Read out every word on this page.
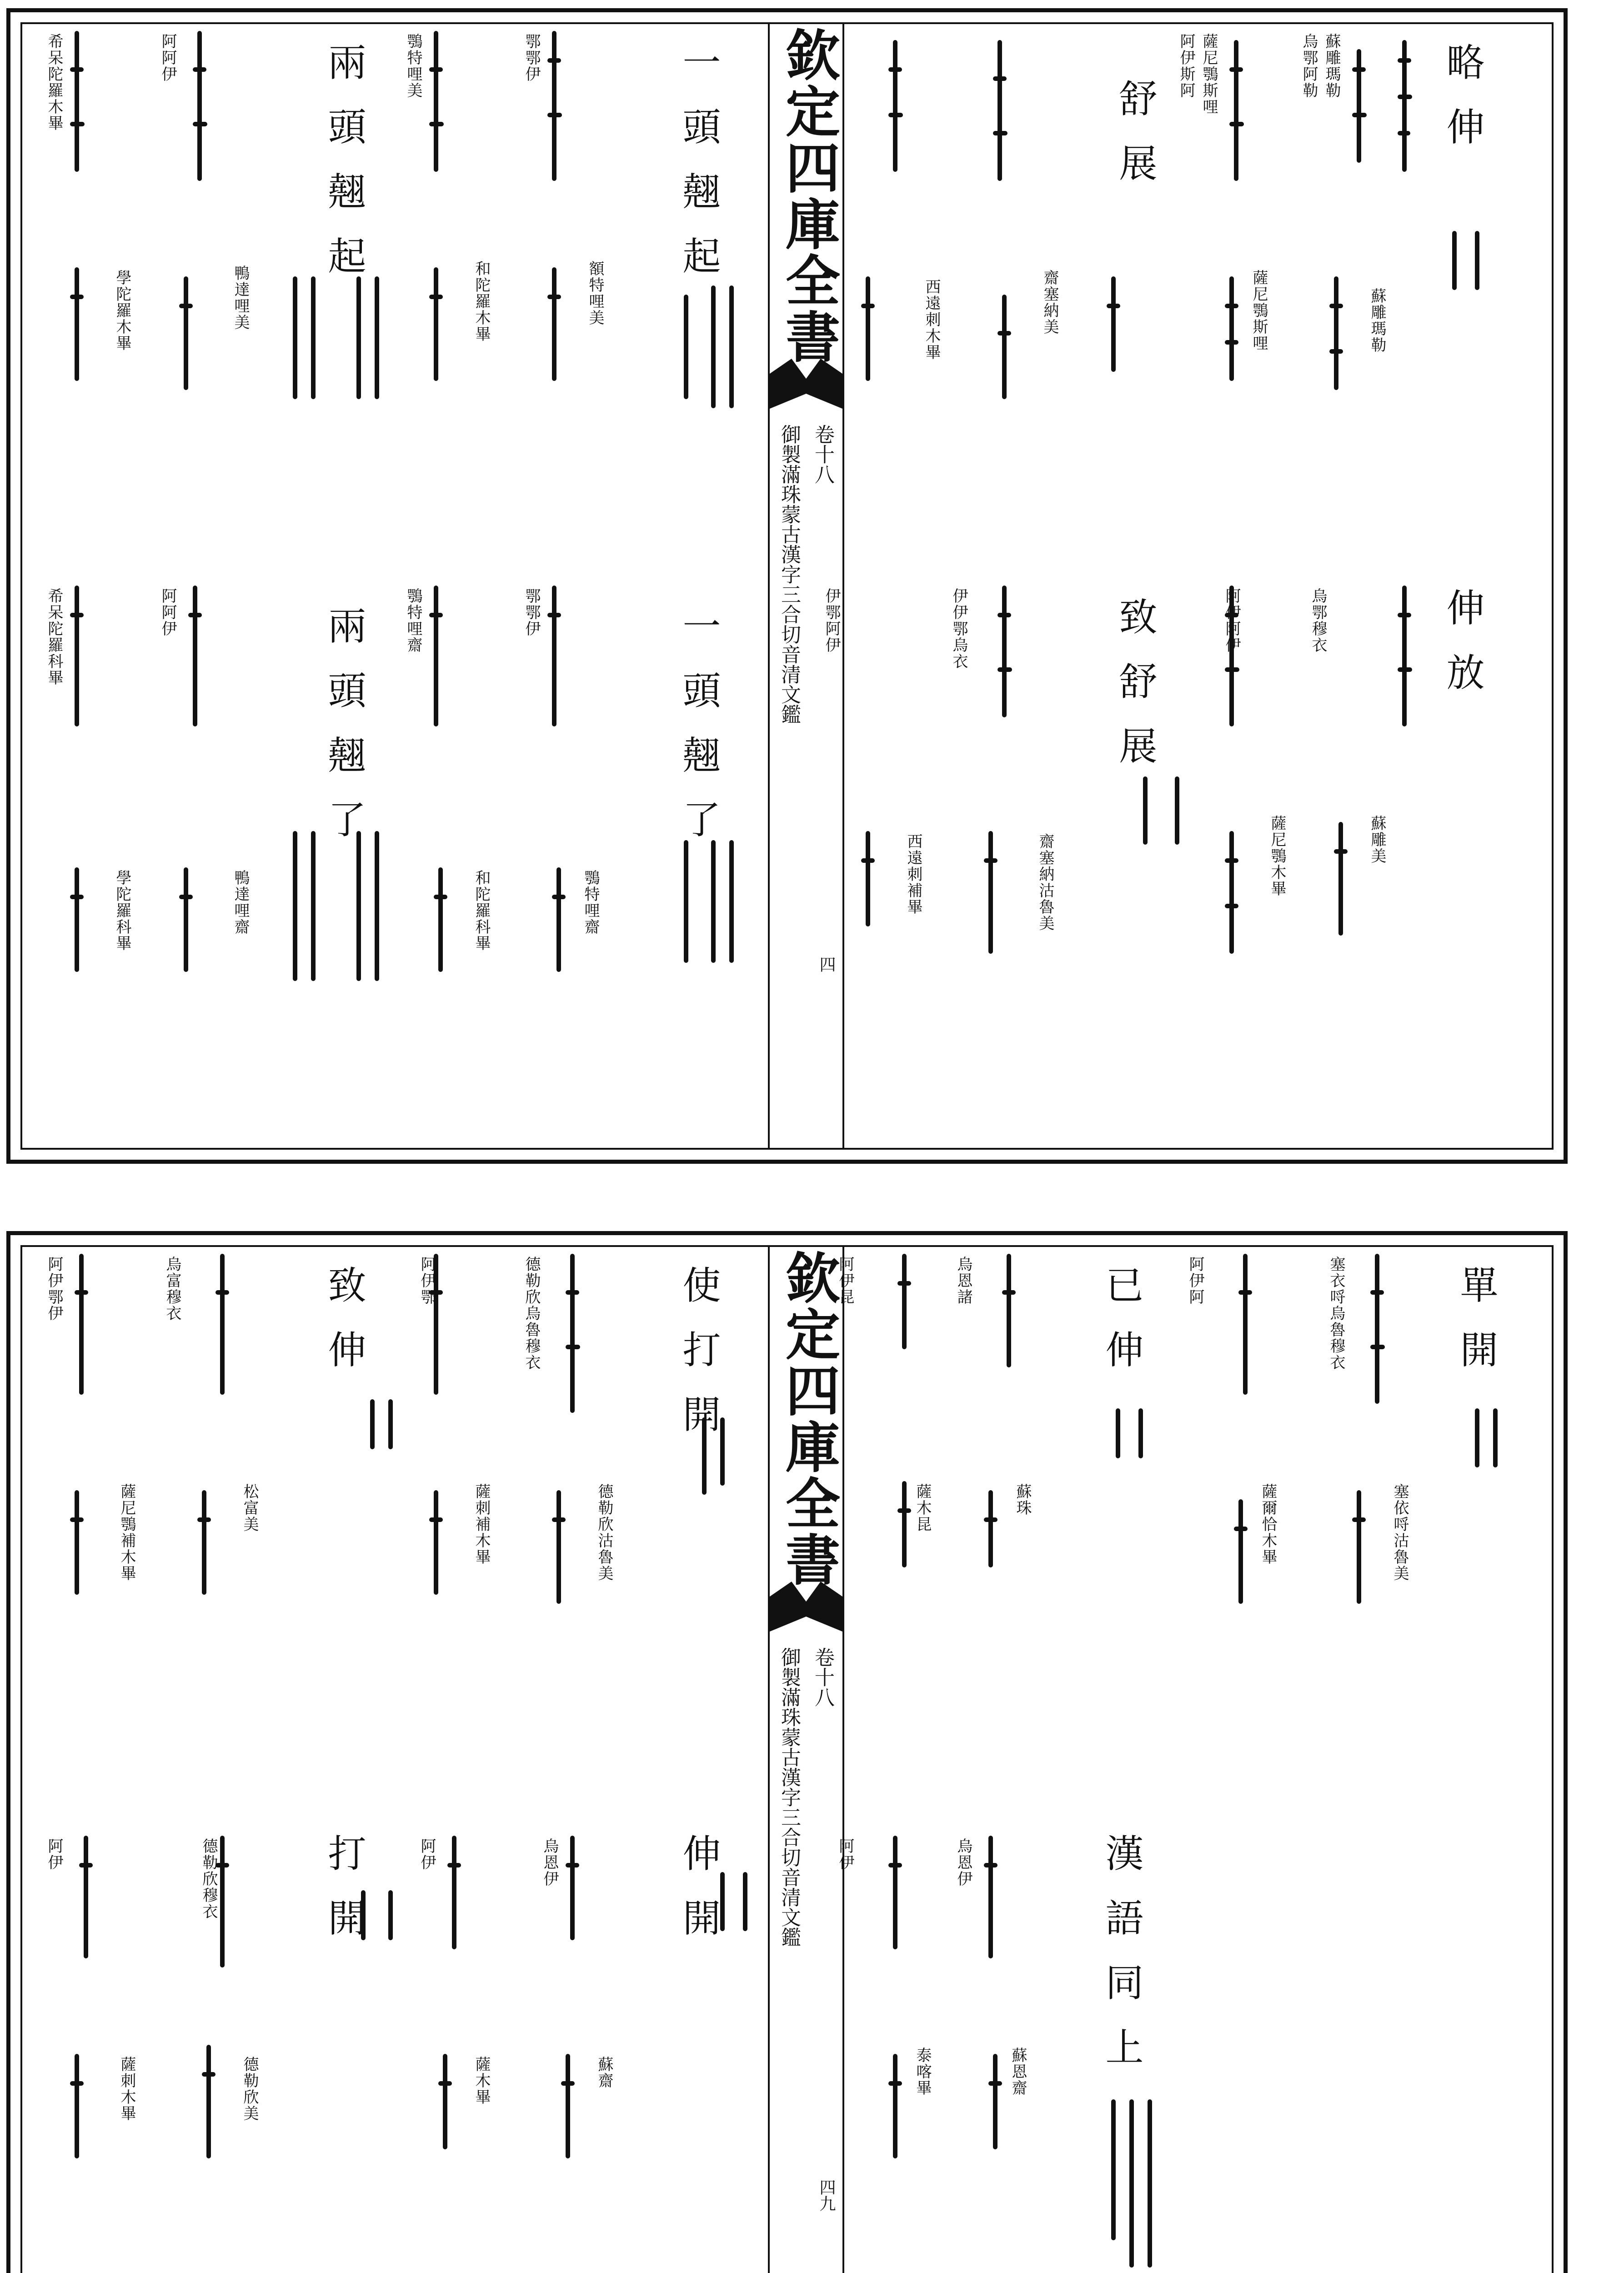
欽定四庫全書
御製滿珠蒙古漢字三合切音清文鑑 卷十八
四
略伸
蘇雕瑪勒
烏鄂阿勒
蘇雕瑪勒
薩尼鶚斯哩
舒展
薩尼鶚斯哩
阿伊斯阿
齋塞納美
西遠刺木畢
伸放
烏鄂穆衣
蘇雕美
薩尼鶚木畢
阿伊阿伊
致舒展
伊伊鄂烏衣
齋塞納沽魯美
西遠刺補畢
伊鄂阿伊
一頭翹起
額特哩美
鄂鄂伊
和陀羅木畢
鶚特哩美
兩頭翹起
鴨達哩美
阿阿伊
學陀羅木畢
希呆陀羅木畢
一頭翹了
鶚特哩齋
鄂鄂伊
和陀羅科畢
鶚特哩齋
兩頭翹了
鴨達哩齋
阿阿伊
學陀羅科畢
希呆陀羅科畢
欽定四庫全書
御製滿珠蒙古漢字三合切音清文鑑 卷十八
四九
單開
塞衣哷烏魯穆衣
塞依哷沽魯美
薩爾恰木畢
阿伊阿
已伸
蘇珠
烏恩諸
薩木昆
阿伊昆
使打開
德勒欣沽魯美
德勒欣烏魯穆衣
薩刺補木畢
阿伊鄂
致伸
松富美
烏富穆衣
薩尼鶚補木畢
阿伊鄂伊
漢語同上
蘇恩齋
烏恩伊
泰喀畢
阿伊
伸開
蘇齋
烏恩伊
薩木畢
阿伊
打開
德勒欣美
德勒欣穆衣
薩刺木畢
阿伊
